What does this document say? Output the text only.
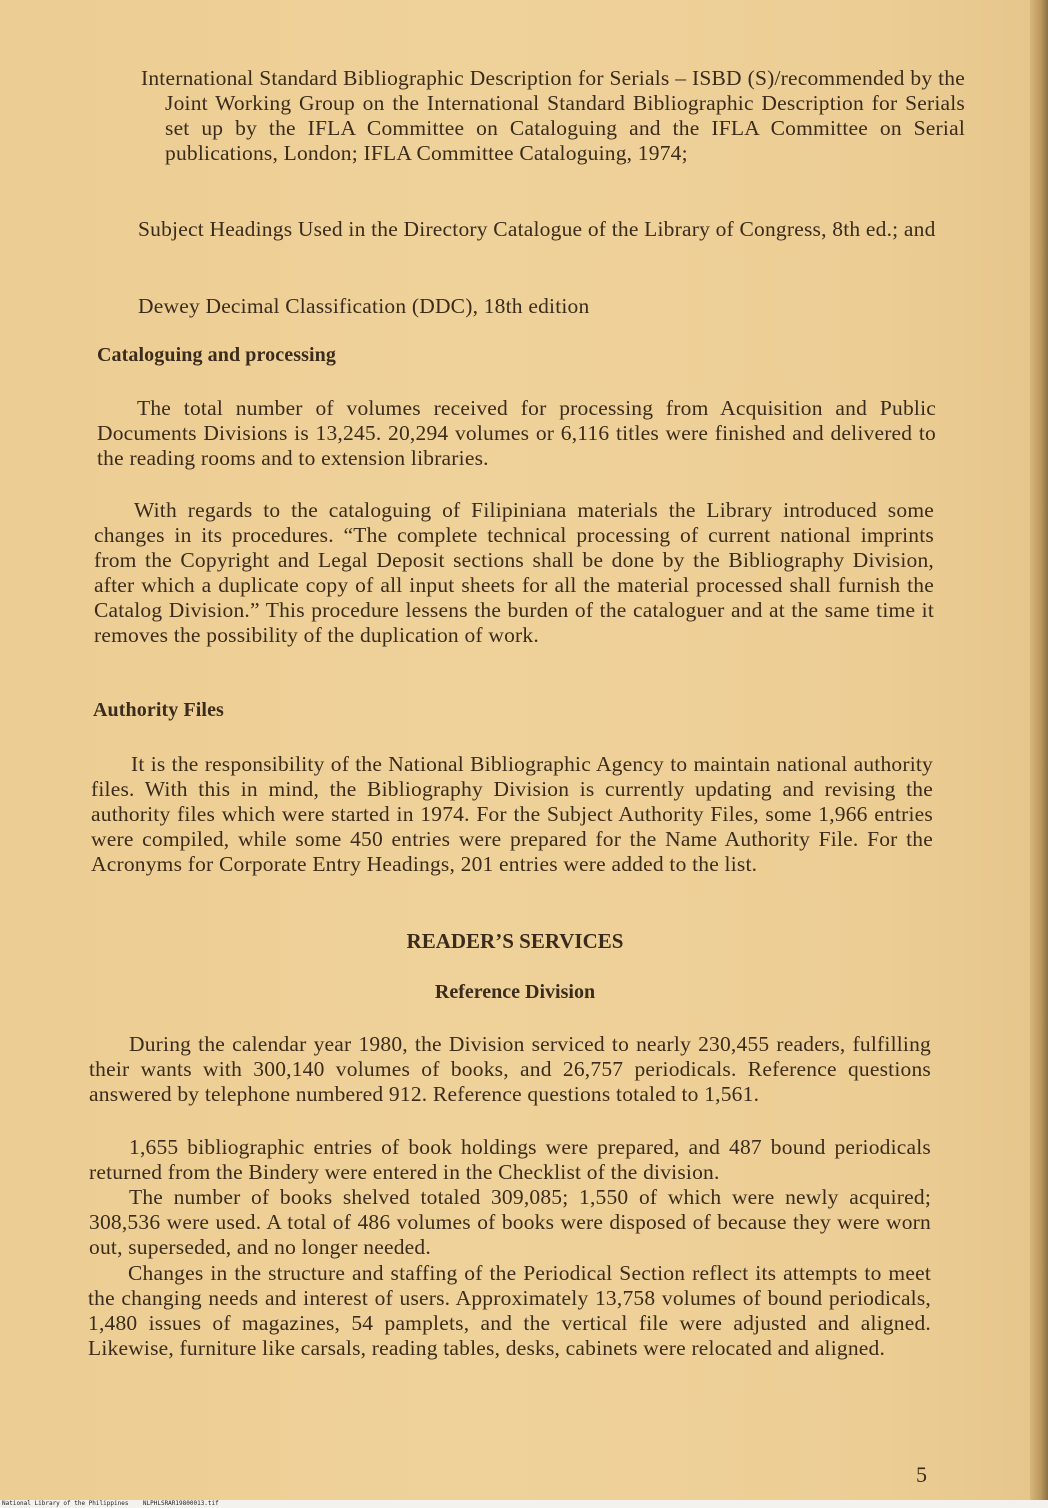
International Standard Bibliographic Description for Serials – ISBD (S)/recommended by the Joint Working Group on the International Standard Bibliographic Description for Serials set up by the IFLA Committee on Cataloguing and the IFLA Committee on Serial publications, London; IFLA Committee Cataloguing, 1974;
Subject Headings Used in the Directory Catalogue of the Library of Congress, 8th ed.; and
Dewey Decimal Classification (DDC), 18th edition
Cataloguing and processing
The total number of volumes received for processing from Acquisition and Public Documents Divisions is 13,245. 20,294 volumes or 6,116 titles were finished and delivered to the reading rooms and to extension libraries.
With regards to the cataloguing of Filipiniana materials the Library introduced some changes in its procedures. “The complete technical processing of current national imprints from the Copyright and Legal Deposit sections shall be done by the Bibliography Division, after which a duplicate copy of all input sheets for all the material processed shall furnish the Catalog Division.” This procedure lessens the burden of the cataloguer and at the same time it removes the possibility of the duplication of work.
Authority Files
It is the responsibility of the National Bibliographic Agency to maintain national authority files. With this in mind, the Bibliography Division is currently updating and revising the authority files which were started in 1974. For the Subject Authority Files, some 1,966 entries were compiled, while some 450 entries were prepared for the Name Authority File. For the Acronyms for Corporate Entry Headings, 201 entries were added to the list.
READER’S SERVICES
Reference Division
During the calendar year 1980, the Division serviced to nearly 230,455 readers, fulfilling their wants with 300,140 volumes of books, and 26,757 periodicals. Reference questions answered by telephone numbered 912. Reference questions totaled to 1,561.
1,655 bibliographic entries of book holdings were prepared, and 487 bound periodicals returned from the Bindery were entered in the Checklist of the division.
The number of books shelved totaled 309,085; 1,550 of which were newly acquired; 308,536 were used. A total of 486 volumes of books were disposed of because they were worn out, superseded, and no longer needed.
Changes in the structure and staffing of the Periodical Section reflect its attempts to meet the changing needs and interest of users. Approximately 13,758 volumes of bound periodicals, 1,480 issues of magazines, 54 pamplets, and the vertical file were adjusted and aligned. Likewise, furniture like carsals, reading tables, desks, cabinets were relocated and aligned.
5
National Library of the Philippines NLPHLSRAR19800013.tif
